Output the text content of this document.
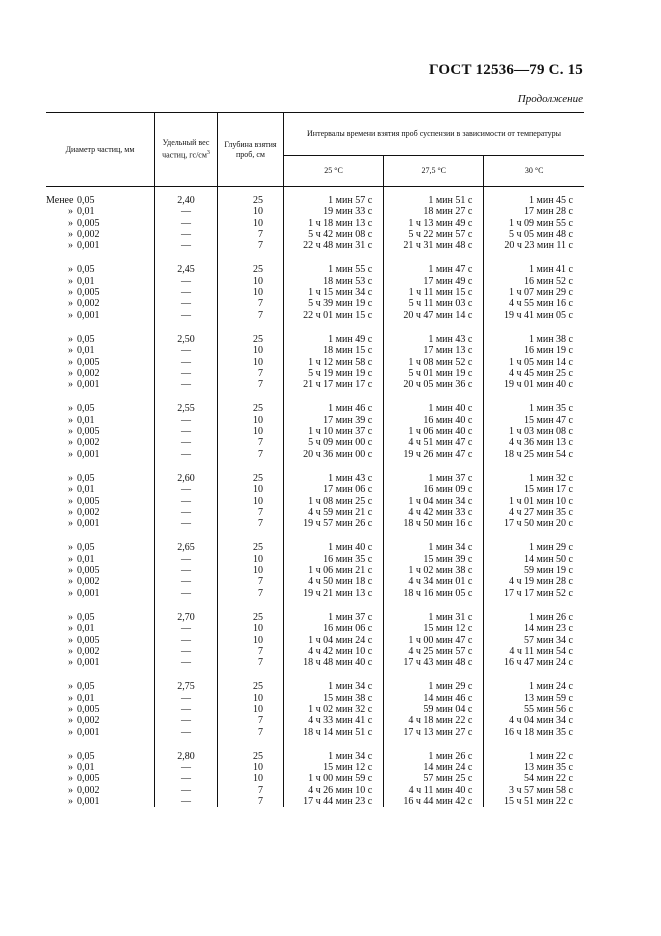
ГОСТ 12536—79 С. 15
Продолжение
Диаметр частиц, мм	Удельный вес частиц, $гс/см^3$	Глубина взятия проб, см	Интервалы времени взятия проб суспензии в зависимости от температуры		
			25 °С	27,5 °С	30 °С

Менее 0,05	2,40	25	1 мин 57 с	1 мин 51 с	1 мин 45 с
» 0,01	—	10	19 мин 33 с	18 мин 27 с	17 мин 28 с
» 0,005	—	10	1 ч 18 мин 13 с	1 ч 13 мин 49 с	1 ч 09 мин 55 с
» 0,002	—	7	5 ч 42 мин 08 с	5 ч 22 мин 57 с	5 ч 05 мин 48 с
» 0,001	—	7	22 ч 48 мин 31 с	21 ч 31 мин 48 с	20 ч 23 мин 11 с

» 0,05	2,45	25	1 мин 55 с	1 мин 47 с	1 мин 41 с
» 0,01	—	10	18 мин 53 с	17 мин 49 с	16 мин 52 с
» 0,005	—	10	1 ч 15 мин 34 с	1 ч 11 мин 15 с	1 ч 07 мин 29 с
» 0,002	—	7	5 ч 39 мин 19 с	5 ч 11 мин 03 с	4 ч 55 мин 16 с
» 0,001	—	7	22 ч 01 мин 15 с	20 ч 47 мин 14 с	19 ч 41 мин 05 с

» 0,05	2,50	25	1 мин 49 с	1 мин 43 с	1 мин 38 с
» 0,01	—	10	18 мин 15 с	17 мин 13 с	16 мин 19 с
» 0,005	—	10	1 ч 12 мин 58 с	1 ч 08 мин 52 с	1 ч 05 мин 14 с
» 0,002	—	7	5 ч 19 мин 19 с	5 ч 01 мин 19 с	4 ч 45 мин 25 с
» 0,001	—	7	21 ч 17 мин 17 с	20 ч 05 мин 36 с	19 ч 01 мин 40 с

» 0,05	2,55	25	1 мин 46 с	1 мин 40 с	1 мин 35 с
» 0,01	—	10	17 мин 39 с	16 мин 40 с	15 мин 47 с
» 0,005	—	10	1 ч 10 мин 37 с	1 ч 06 мин 40 с	1 ч 03 мин 08 с
» 0,002	—	7	5 ч 09 мин 00 с	4 ч 51 мин 47 с	4 ч 36 мин 13 с
» 0,001	—	7	20 ч 36 мин 00 с	19 ч 26 мин 47 с	18 ч 25 мин 54 с

» 0,05	2,60	25	1 мин 43 с	1 мин 37 с	1 мин 32 с
» 0,01	—	10	17 мин 06 с	16 мин 09 с	15 мин 17 с
» 0,005	—	10	1 ч 08 мин 25 с	1 ч 04 мин 34 с	1 ч 01 мин 10 с
» 0,002	—	7	4 ч 59 мин 21 с	4 ч 42 мин 33 с	4 ч 27 мин 35 с
» 0,001	—	7	19 ч 57 мин 26 с	18 ч 50 мин 16 с	17 ч 50 мин 20 с

» 0,05	2,65	25	1 мин 40 с	1 мин 34 с	1 мин 29 с
» 0,01	—	10	16 мин 35 с	15 мин 39 с	14 мин 50 с
» 0,005	—	10	1 ч 06 мин 21 с	1 ч 02 мин 38 с	59 мин 19 с
» 0,002	—	7	4 ч 50 мин 18 с	4 ч 34 мин 01 с	4 ч 19 мин 28 с
» 0,001	—	7	19 ч 21 мин 13 с	18 ч 16 мин 05 с	17 ч 17 мин 52 с

» 0,05	2,70	25	1 мин 37 с	1 мин 31 с	1 мин 26 с
» 0,01	—	10	16 мин 06 с	15 мин 12 с	14 мин 23 с
» 0,005	—	10	1 ч 04 мин 24 с	1 ч 00 мин 47 с	57 мин 34 с
» 0,002	—	7	4 ч 42 мин 10 с	4 ч 25 мин 57 с	4 ч 11 мин 54 с
» 0,001	—	7	18 ч 48 мин 40 с	17 ч 43 мин 48 с	16 ч 47 мин 24 с

» 0,05	2,75	25	1 мин 34 с	1 мин 29 с	1 мин 24 с
» 0,01	—	10	15 мин 38 с	14 мин 46 с	13 мин 59 с
» 0,005	—	10	1 ч 02 мин 32 с	59 мин 04 с	55 мин 56 с
» 0,002	—	7	4 ч 33 мин 41 с	4 ч 18 мин 22 с	4 ч 04 мин 34 с
» 0,001	—	7	18 ч 14 мин 51 с	17 ч 13 мин 27 с	16 ч 18 мин 35 с

» 0,05	2,80	25	1 мин 34 с	1 мин 26 с	1 мин 22 с
» 0,01	—	10	15 мин 12 с	14 мин 24 с	13 мин 35 с
» 0,005	—	10	1 ч 00 мин 59 с	57 мин 25 с	54 мин 22 с
» 0,002	—	7	4 ч 26 мин 10 с	4 ч 11 мин 40 с	3 ч 57 мин 58 с
» 0,001	—	7	17 ч 44 мин 23 с	16 ч 44 мин 42 с	15 ч 51 мин 22 с
